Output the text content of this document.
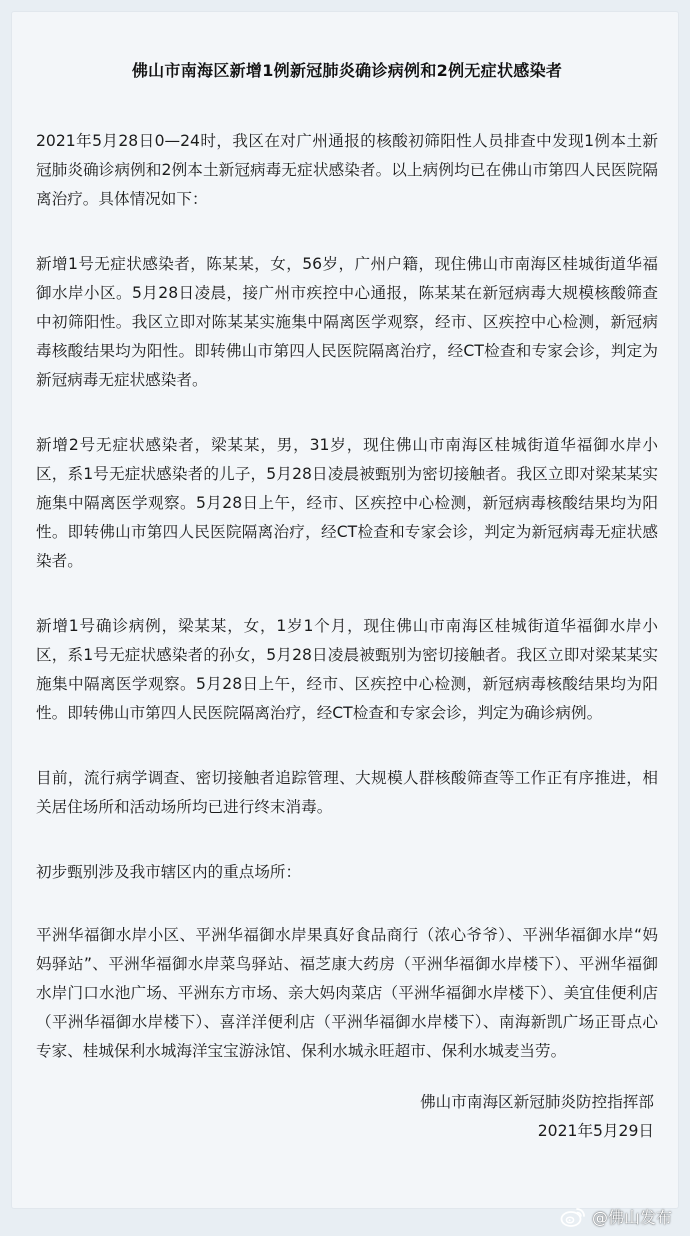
佛山市南海区新增1例新冠肺炎确诊病例和2例无症状感染者

2021年5月28日0—24时，我区在对广州通报的核酸初筛阳性人员排查中发现1例本土新冠肺炎确诊病例和2例本土新冠病毒无症状感染者。以上病例均已在佛山市第四人民医院隔离治疗。具体情况如下：

新增1号无症状感染者，陈某某，女，56岁，广州户籍，现住佛山市南海区桂城街道华福御水岸小区。5月28日凌晨，接广州市疾控中心通报，陈某某在新冠病毒大规模核酸筛查中初筛阳性。我区立即对陈某某实施集中隔离医学观察，经市、区疾控中心检测，新冠病毒核酸结果均为阳性。即转佛山市第四人民医院隔离治疗，经CT检查和专家会诊，判定为新冠病毒无症状感染者。

新增2号无症状感染者，梁某某，男，31岁，现住佛山市南海区桂城街道华福御水岸小区，系1号无症状感染者的儿子，5月28日凌晨被甄别为密切接触者。我区立即对梁某某实施集中隔离医学观察。5月28日上午，经市、区疾控中心检测，新冠病毒核酸结果均为阳性。即转佛山市第四人民医院隔离治疗，经CT检查和专家会诊，判定为新冠病毒无症状感染者。

新增1号确诊病例，梁某某，女，1岁1个月，现住佛山市南海区桂城街道华福御水岸小区，系1号无症状感染者的孙女，5月28日凌晨被甄别为密切接触者。我区立即对梁某某实施集中隔离医学观察。5月28日上午，经市、区疾控中心检测，新冠病毒核酸结果均为阳性。即转佛山市第四人民医院隔离治疗，经CT检查和专家会诊，判定为确诊病例。

目前，流行病学调查、密切接触者追踪管理、大规模人群核酸筛查等工作正有序推进，相关居住场所和活动场所均已进行终末消毒。

初步甄别涉及我市辖区内的重点场所：

平洲华福御水岸小区、平洲华福御水岸果真好食品商行（浓心爷爷）、平洲华福御水岸“妈妈驿站”、平洲华福御水岸菜鸟驿站、福芝康大药房（平洲华福御水岸楼下）、平洲华福御水岸门口水池广场、平洲东方市场、亲大妈肉菜店（平洲华福御水岸楼下）、美宜佳便利店（平洲华福御水岸楼下）、喜洋洋便利店（平洲华福御水岸楼下）、南海新凯广场正哥点心专家、桂城保利水城海洋宝宝游泳馆、保利水城永旺超市、保利水城麦当劳。

佛山市南海区新冠肺炎防控指挥部
2021年5月29日
@佛山发布
